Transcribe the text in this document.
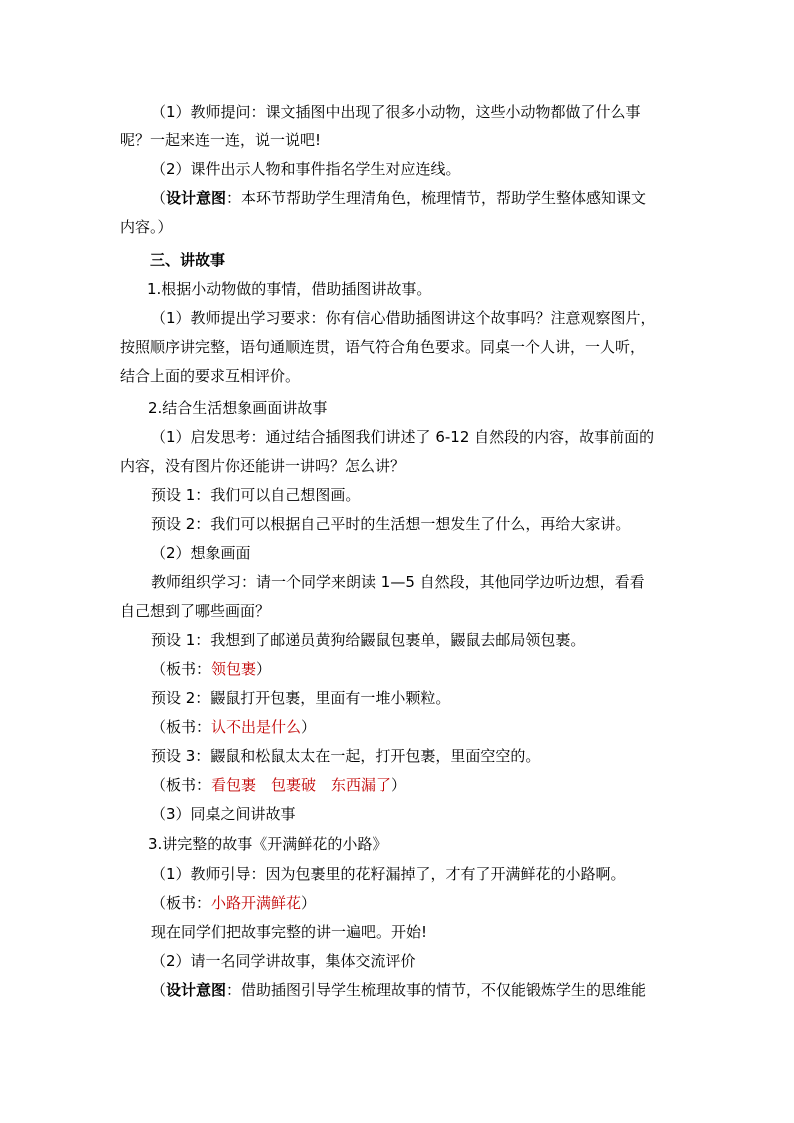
（1）教师提问：课文插图中出现了很多小动物，这些小动物都做了什么事
呢？一起来连一连，说一说吧!
（2）课件出示人物和事件指名学生对应连线。
（设计意图：本环节帮助学生理清角色，梳理情节，帮助学生整体感知课文
内容。）
三、讲故事
1.根据小动物做的事情，借助插图讲故事。
（1）教师提出学习要求：你有信心借助插图讲这个故事吗？注意观察图片，
按照顺序讲完整，语句通顺连贯，语气符合角色要求。同桌一个人讲，一人听，
结合上面的要求互相评价。
2.结合生活想象画面讲故事
（1）启发思考：通过结合插图我们讲述了 6-12 自然段的内容，故事前面的
内容，没有图片你还能讲一讲吗？怎么讲？
预设 1：我们可以自己想图画。
预设 2：我们可以根据自己平时的生活想一想发生了什么，再给大家讲。
（2）想象画面
教师组织学习：请一个同学来朗读 1—5 自然段，其他同学边听边想，看看
自己想到了哪些画面？
预设 1：我想到了邮递员黄狗给鼹鼠包裹单，鼹鼠去邮局领包裹。
（板书：领包裹）
预设 2：鼹鼠打开包裹，里面有一堆小颗粒。
（板书：认不出是什么）
预设 3：鼹鼠和松鼠太太在一起，打开包裹，里面空空的。
（板书：看包裹　包裹破　东西漏了）
（3）同桌之间讲故事
3.讲完整的故事《开满鲜花的小路》
（1）教师引导：因为包裹里的花籽漏掉了，才有了开满鲜花的小路啊。
（板书：小路开满鲜花）
现在同学们把故事完整的讲一遍吧。开始!
（2）请一名同学讲故事，集体交流评价
（设计意图：借助插图引导学生梳理故事的情节，不仅能锻炼学生的思维能
